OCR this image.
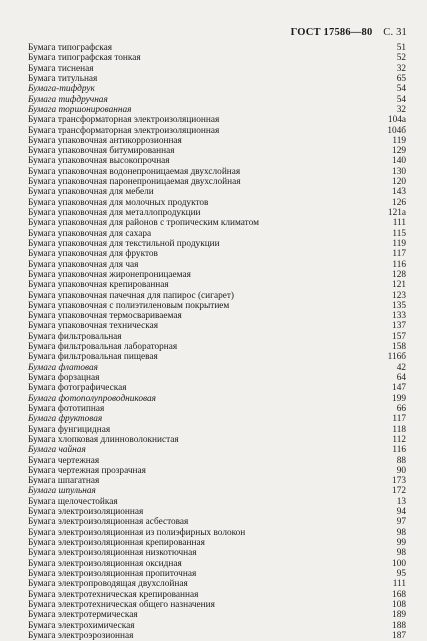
ГОСТ 17586—80 С. 31
Бумага типографская	51
Бумага типографская тонкая	52
Бумага тисненая	32
Бумага титульная	65
Бумага-тифдрук	54
Бумага тифдручная	54
Бумага торшонированная	32
Бумага трансформаторная электроизоляционная	104а
Бумага трансформаторная электроизоляционная	104б
Бумага упаковочная антикоррозионная	119
Бумага упаковочная битумированная	129
Бумага упаковочная высокопрочная	140
Бумага упаковочная водонепроницаемая двухслойная	130
Бумага упаковочная паронепроницаемая двухслойная	120
Бумага упаковочная для мебели	143
Бумага упаковочная для молочных продуктов	126
Бумага упаковочная для металлопродукции	121а
Бумага упаковочная для районов с тропическим климатом	111
Бумага упаковочная для сахара	115
Бумага упаковочная для текстильной продукции	119
Бумага упаковочная для фруктов	117
Бумага упаковочная для чая	116
Бумага упаковочная жиронепроницаемая	128
Бумага упаковочная крепированная	121
Бумага упаковочная пачечная для папирос (сигарет)	123
Бумага упаковочная с полиэтиленовым покрытием	135
Бумага упаковочная термосвариваемая	133
Бумага упаковочная техническая	137
Бумага фильтровальная	157
Бумага фильтровальная лабораторная	158
Бумага фильтровальная пищевая	116б
Бумага флатовая	42
Бумага форзацная	64
Бумага фотографическая	147
Бумага фотополупроводниковая	199
Бумага фототипная	66
Бумага фруктовая	117
Бумага фунгицидная	118
Бумага хлопковая длинноволокнистая	112
Бумага чайная	116
Бумага чертежная	88
Бумага чертежная прозрачная	90
Бумага шпагатная	173
Бумага шпульная	172
Бумага щелочестойкая	13
Бумага электроизоляционная	94
Бумага электроизоляционная асбестовая	97
Бумага электроизоляционная из полиэфирных волокон	98
Бумага электроизоляционная крепированная	99
Бумага электроизоляционная низкотючная	98
Бумага электроизоляционная оксидная	100
Бумага электроизоляционная пропиточная	95
Бумага электропроводящая двухслойная	111
Бумага электротехническая крепированная	168
Бумага электротехническая общего назначения	108
Бумага электротермическая	189
Бумага электрохимическая	188
Бумага электроэрозионная	187
